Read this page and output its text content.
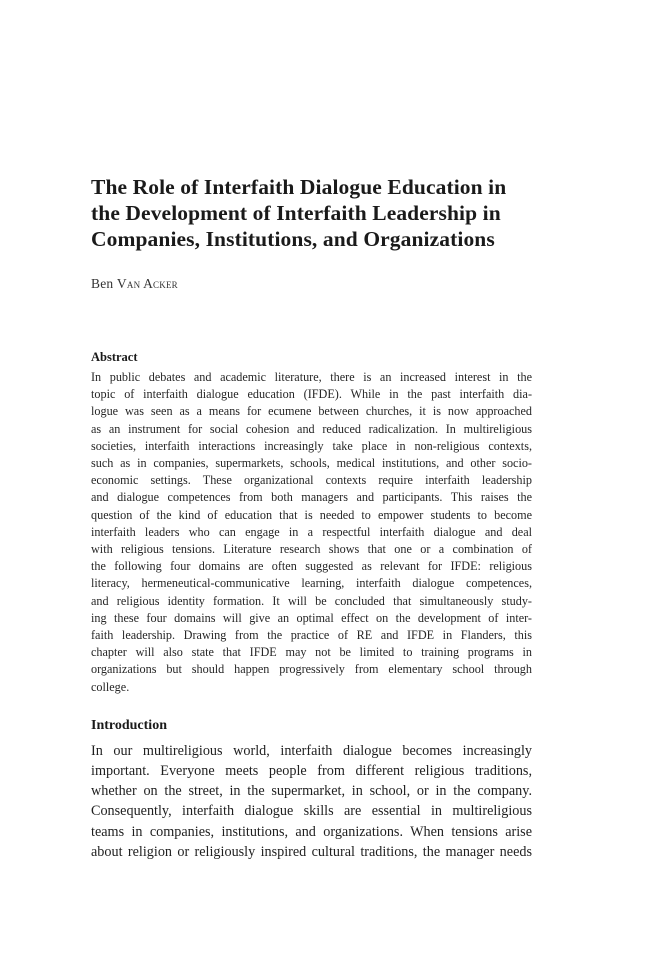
The Role of Interfaith Dialogue Education in
the Development of Interfaith Leadership in
Companies, Institutions, and Organizations
Ben Van Acker
Abstract
In public debates and academic literature, there is an increased interest in the
topic of interfaith dialogue education (IFDE). While in the past interfaith dia-
logue was seen as a means for ecumene between churches, it is now approached
as an instrument for social cohesion and reduced radicalization. In multireligious
societies, interfaith interactions increasingly take place in non-religious contexts,
such as in companies, supermarkets, schools, medical institutions, and other socio-
economic settings. These organizational contexts require interfaith leadership
and dialogue competences from both managers and participants. This raises the
question of the kind of education that is needed to empower students to become
interfaith leaders who can engage in a respectful interfaith dialogue and deal
with religious tensions. Literature research shows that one or a combination of
the following four domains are often suggested as relevant for IFDE: religious
literacy, hermeneutical-communicative learning, interfaith dialogue competences,
and religious identity formation. It will be concluded that simultaneously study-
ing these four domains will give an optimal effect on the development of inter-
faith leadership. Drawing from the practice of RE and IFDE in Flanders, this
chapter will also state that IFDE may not be limited to training programs in
organizations but should happen progressively from elementary school through
college.
Introduction
In our multireligious world, interfaith dialogue becomes increasingly
important. Everyone meets people from different religious traditions,
whether on the street, in the supermarket, in school, or in the company.
Consequently, interfaith dialogue skills are essential in multireligious
teams in companies, institutions, and organizations. When tensions arise
about religion or religiously inspired cultural traditions, the manager needs
